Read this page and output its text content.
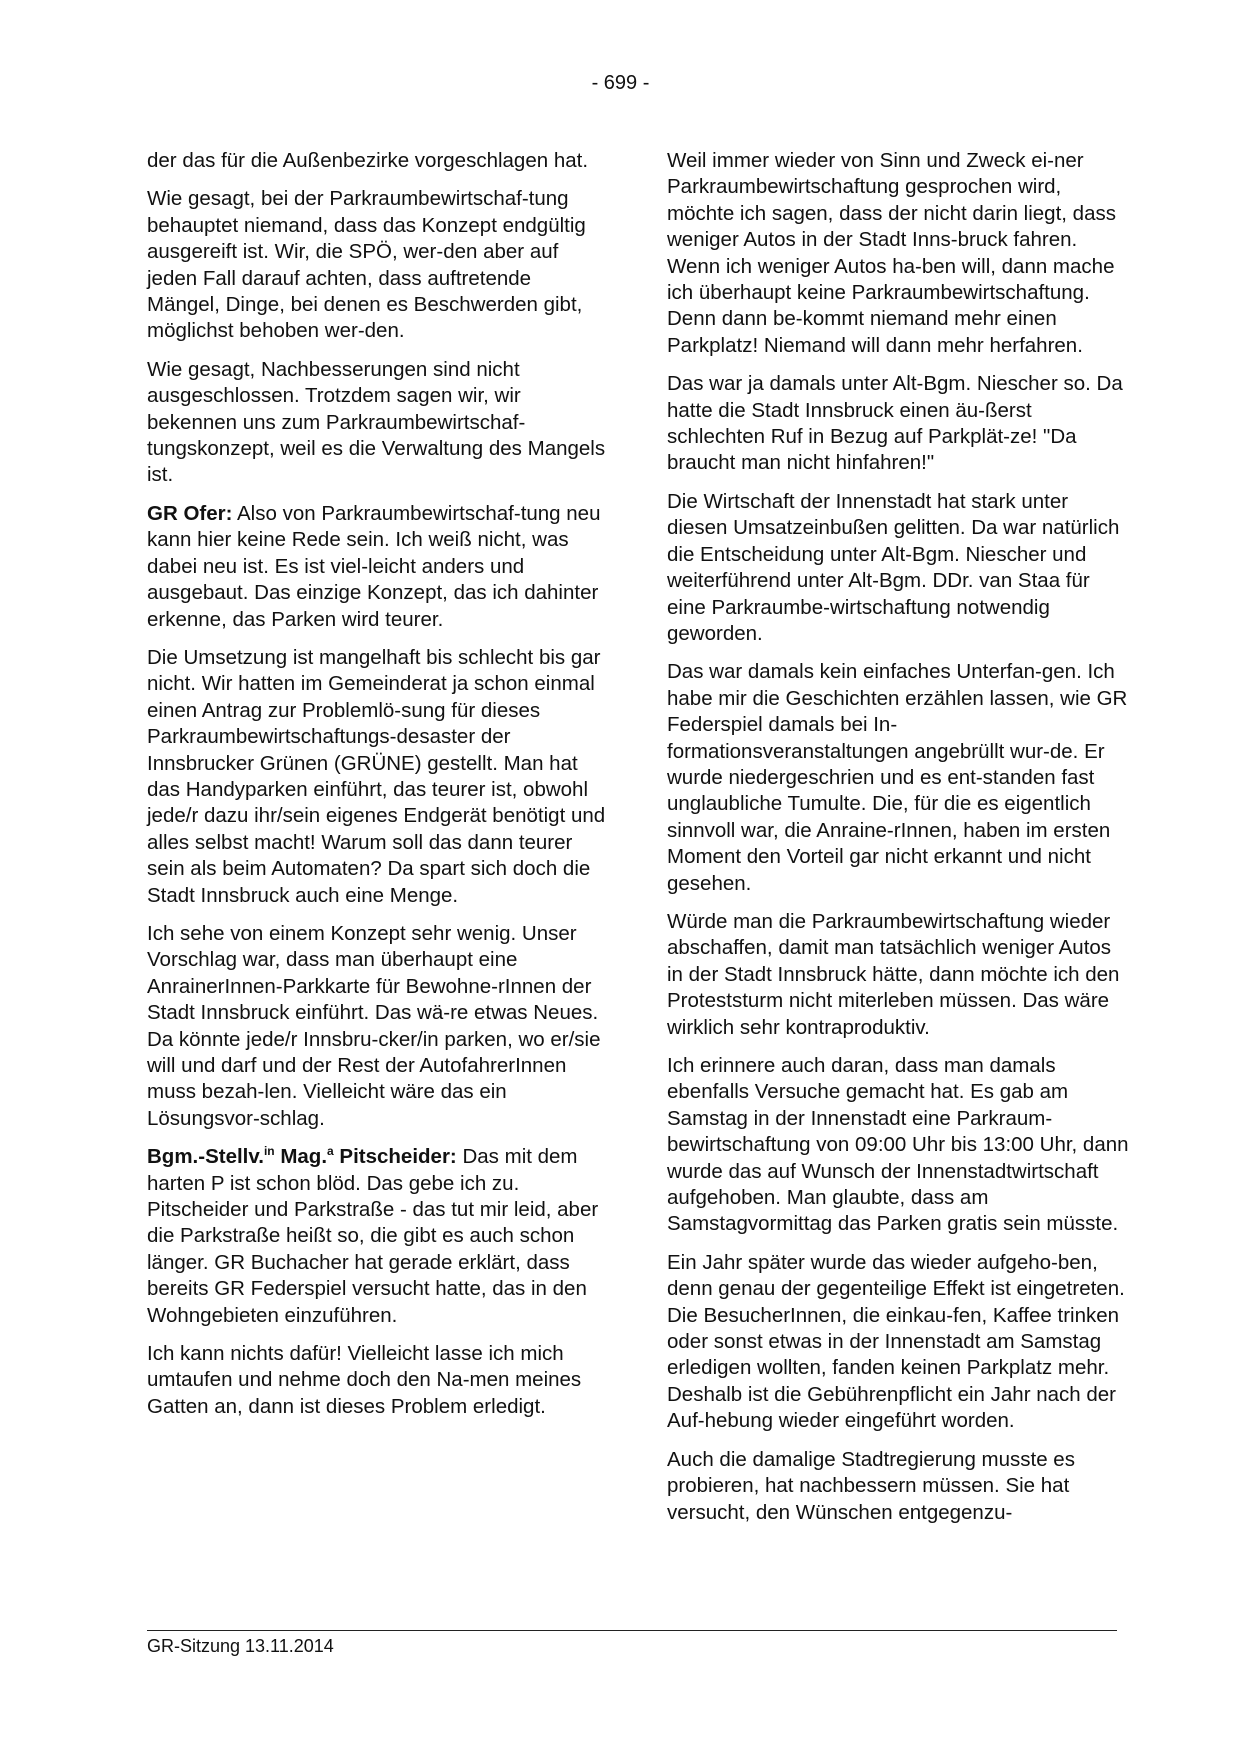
- 699 -

der das für die Außenbezirke vorgeschlagen hat.

Wie gesagt, bei der Parkraumbewirtschaf-tung behauptet niemand, dass das Konzept endgültig ausgereift ist. Wir, die SPÖ, wer-den aber auf jeden Fall darauf achten, dass auftretende Mängel, Dinge, bei denen es Beschwerden gibt, möglichst behoben wer-den.

Wie gesagt, Nachbesserungen sind nicht ausgeschlossen. Trotzdem sagen wir, wir bekennen uns zum Parkraumbewirtschaf-tungskonzept, weil es die Verwaltung des Mangels ist.

GR Ofer: Also von Parkraumbewirtschaf-tung neu kann hier keine Rede sein. Ich weiß nicht, was dabei neu ist. Es ist viel-leicht anders und ausgebaut. Das einzige Konzept, das ich dahinter erkenne, das Parken wird teurer.

Die Umsetzung ist mangelhaft bis schlecht bis gar nicht. Wir hatten im Gemeinderat ja schon einmal einen Antrag zur Problemlö-sung für dieses Parkraumbewirtschaftungs-desaster der Innsbrucker Grünen (GRÜNE) gestellt. Man hat das Handyparken einführt, das teurer ist, obwohl jede/r dazu ihr/sein eigenes Endgerät benötigt und alles selbst macht! Warum soll das dann teurer sein als beim Automaten? Da spart sich doch die Stadt Innsbruck auch eine Menge.

Ich sehe von einem Konzept sehr wenig. Unser Vorschlag war, dass man überhaupt eine AnrainerInnen-Parkkarte für Bewohne-rInnen der Stadt Innsbruck einführt. Das wä-re etwas Neues. Da könnte jede/r Innsbru-cker/in parken, wo er/sie will und darf und der Rest der AutofahrerInnen muss bezah-len. Vielleicht wäre das ein Lösungsvor-schlag.

Bgm.-Stellv.$^{in}$ Mag.$^a$ Pitscheider: Das mit dem harten P ist schon blöd. Das gebe ich zu. Pitscheider und Parkstraße - das tut mir leid, aber die Parkstraße heißt so, die gibt es auch schon länger. GR Buchacher hat gerade erklärt, dass bereits GR Federspiel versucht hatte, das in den Wohngebieten einzuführen.

Ich kann nichts dafür! Vielleicht lasse ich mich umtaufen und nehme doch den Na-men meines Gatten an, dann ist dieses Problem erledigt.

Weil immer wieder von Sinn und Zweck ei-ner Parkraumbewirtschaftung gesprochen wird, möchte ich sagen, dass der nicht darin liegt, dass weniger Autos in der Stadt Inns-bruck fahren. Wenn ich weniger Autos ha-ben will, dann mache ich überhaupt keine Parkraumbewirtschaftung. Denn dann be-kommt niemand mehr einen Parkplatz! Niemand will dann mehr herfahren.

Das war ja damals unter Alt-Bgm. Niescher so. Da hatte die Stadt Innsbruck einen äu-ßerst schlechten Ruf in Bezug auf Parkplät-ze! "Da braucht man nicht hinfahren!"

Die Wirtschaft der Innenstadt hat stark unter diesen Umsatzeinbußen gelitten. Da war natürlich die Entscheidung unter Alt-Bgm. Niescher und weiterführend unter Alt-Bgm. DDr. van Staa für eine Parkraumbe-wirtschaftung notwendig geworden.

Das war damals kein einfaches Unterfan-gen. Ich habe mir die Geschichten erzählen lassen, wie GR Federspiel damals bei In-formationsveranstaltungen angebrüllt wur-de. Er wurde niedergeschrien und es ent-standen fast unglaubliche Tumulte. Die, für die es eigentlich sinnvoll war, die Anraine-rInnen, haben im ersten Moment den Vorteil gar nicht erkannt und nicht gesehen.

Würde man die Parkraumbewirtschaftung wieder abschaffen, damit man tatsächlich weniger Autos in der Stadt Innsbruck hätte, dann möchte ich den Proteststurm nicht miterleben müssen. Das wäre wirklich sehr kontraproduktiv.

Ich erinnere auch daran, dass man damals ebenfalls Versuche gemacht hat. Es gab am Samstag in der Innenstadt eine Parkraum-bewirtschaftung von 09:00 Uhr bis 13:00 Uhr, dann wurde das auf Wunsch der Innenstadtwirtschaft aufgehoben. Man glaubte, dass am Samstagvormittag das Parken gratis sein müsste.

Ein Jahr später wurde das wieder aufgeho-ben, denn genau der gegenteilige Effekt ist eingetreten. Die BesucherInnen, die einkau-fen, Kaffee trinken oder sonst etwas in der Innenstadt am Samstag erledigen wollten, fanden keinen Parkplatz mehr. Deshalb ist die Gebührenpflicht ein Jahr nach der Auf-hebung wieder eingeführt worden.

Auch die damalige Stadtregierung musste es probieren, hat nachbessern müssen. Sie hat versucht, den Wünschen entgegenzu-

GR-Sitzung 13.11.2014
